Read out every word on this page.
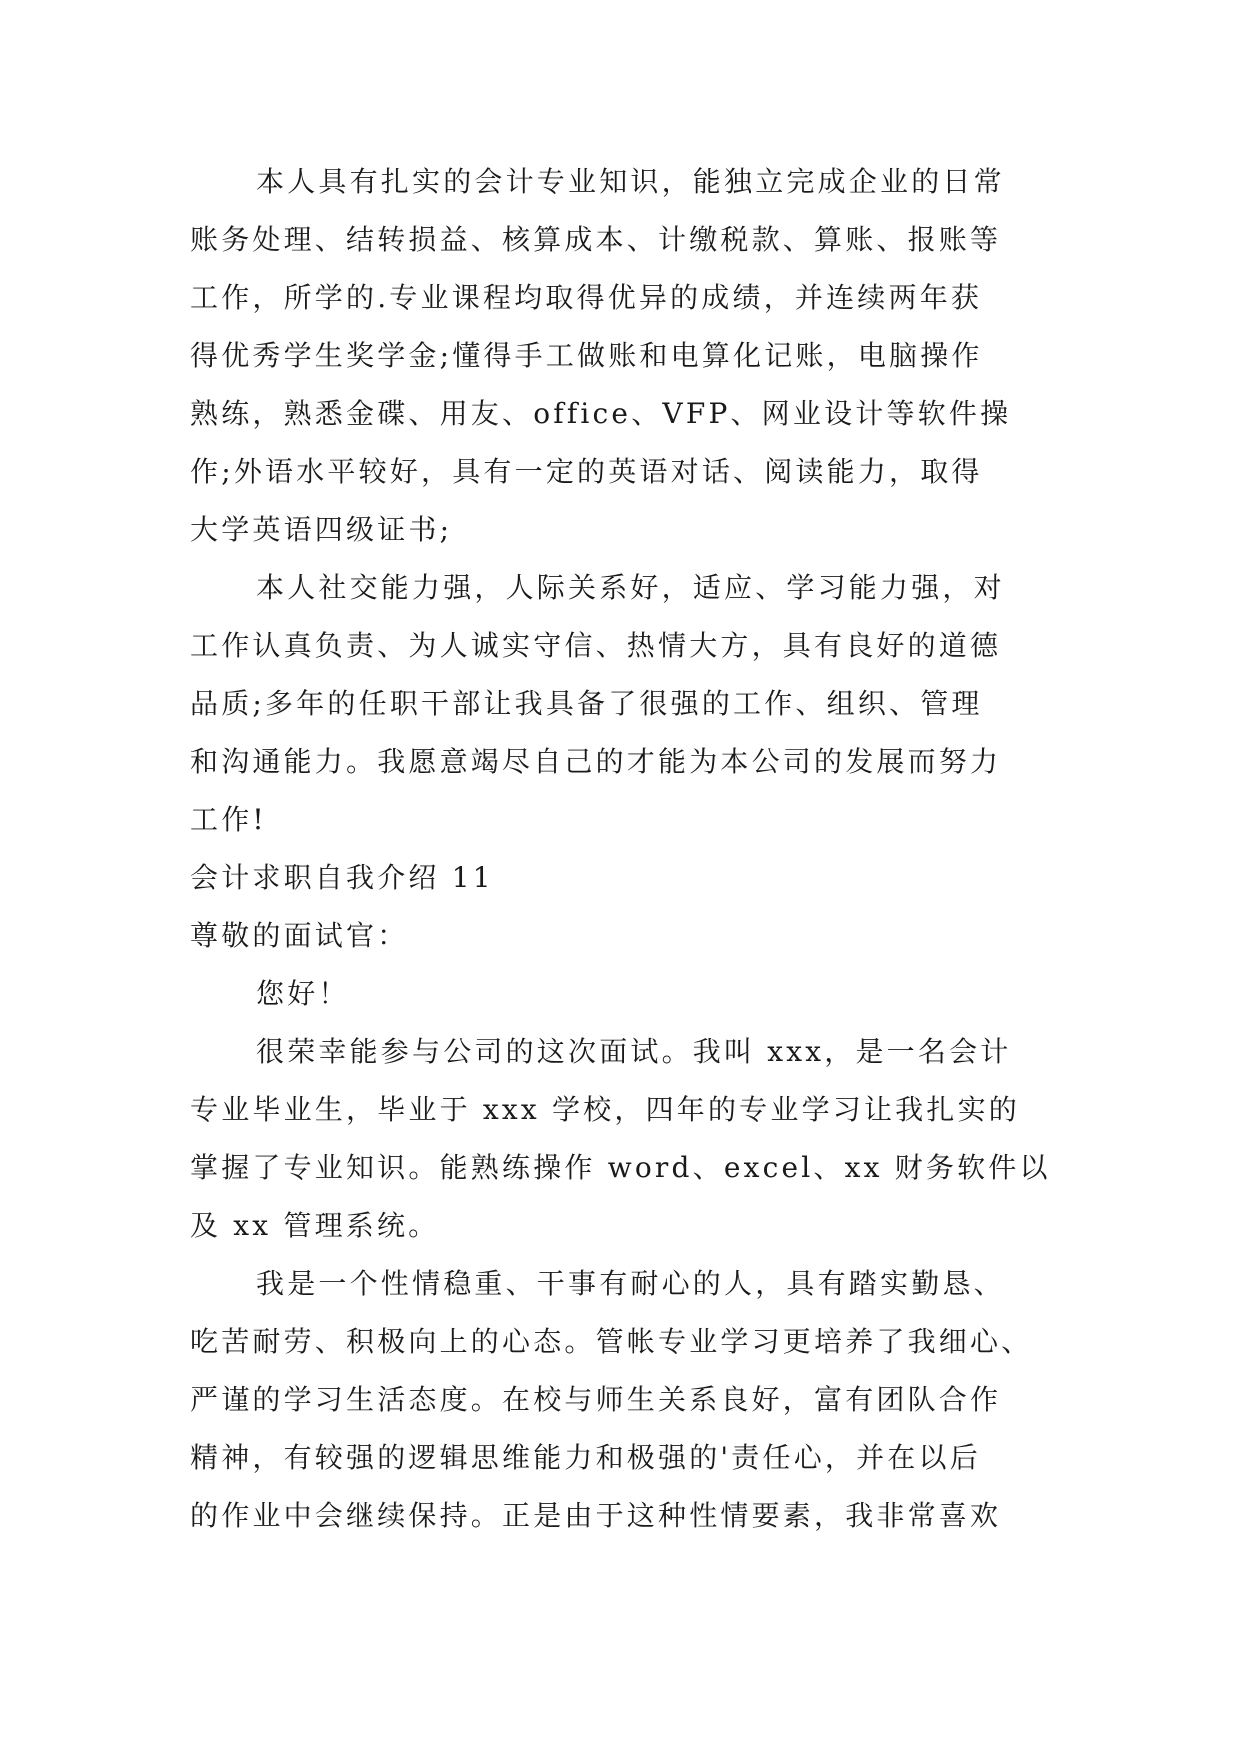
本人具有扎实的会计专业知识，能独立完成企业的日常
账务处理、结转损益、核算成本、计缴税款、算账、报账等
工作，所学的.专业课程均取得优异的成绩，并连续两年获
得优秀学生奖学金;懂得手工做账和电算化记账，电脑操作
熟练，熟悉金碟、用友、office、VFP、网业设计等软件操
作;外语水平较好，具有一定的英语对话、阅读能力，取得
大学英语四级证书;
本人社交能力强，人际关系好，适应、学习能力强，对
工作认真负责、为人诚实守信、热情大方，具有良好的道德
品质;多年的任职干部让我具备了很强的工作、组织、管理
和沟通能力。我愿意竭尽自己的才能为本公司的发展而努力
工作!
会计求职自我介绍 11
尊敬的面试官：
您好！
很荣幸能参与公司的这次面试。我叫 xxx，是一名会计
专业毕业生，毕业于 xxx 学校，四年的专业学习让我扎实的
掌握了专业知识。能熟练操作 word、excel、xx 财务软件以
及 xx 管理系统。
我是一个性情稳重、干事有耐心的人，具有踏实勤恳、
吃苦耐劳、积极向上的心态。管帐专业学习更培养了我细心、
严谨的学习生活态度。在校与师生关系良好，富有团队合作
精神，有较强的逻辑思维能力和极强的'责任心，并在以后
的作业中会继续保持。正是由于这种性情要素，我非常喜欢
